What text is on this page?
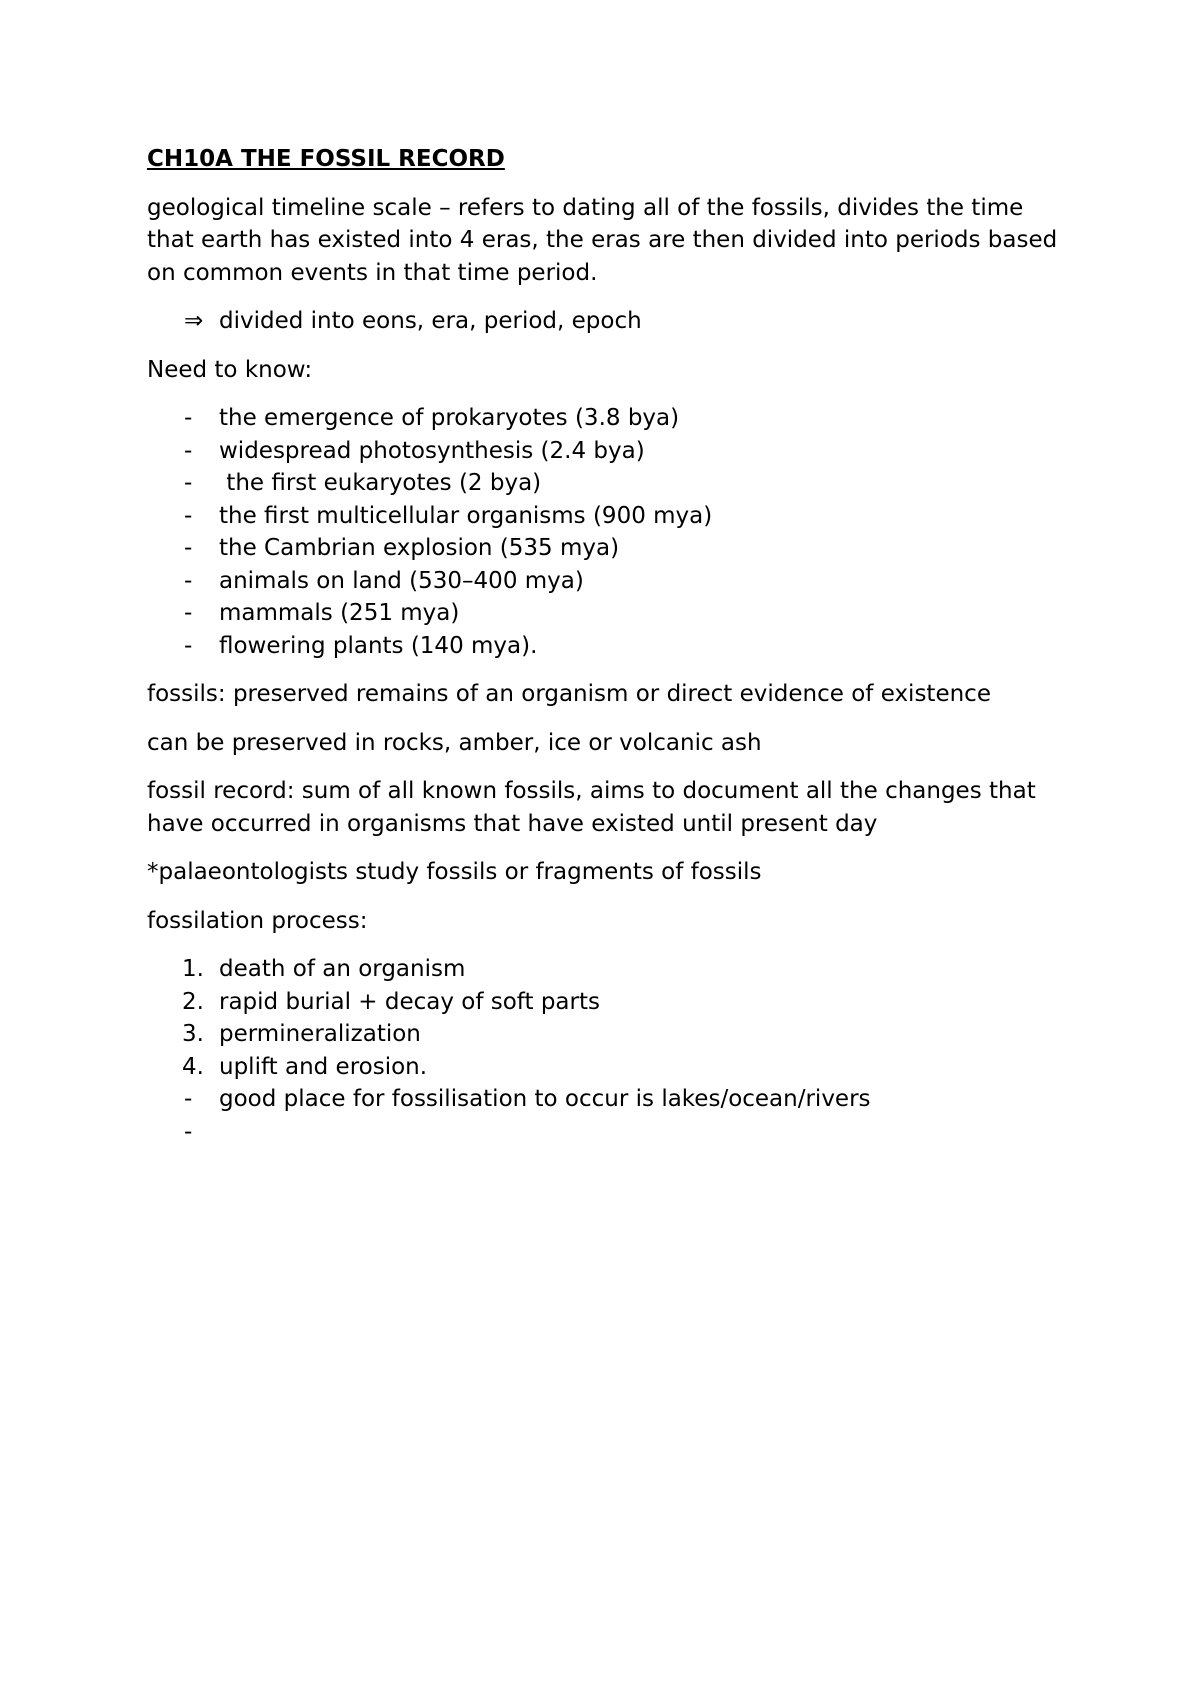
CH10A THE FOSSIL RECORD

geological timeline scale – refers to dating all of the fossils, divides the time that earth has existed into 4 eras, the eras are then divided into periods based on common events in that time period.

⇒ divided into eons, era, period, epoch

Need to know:

- the emergence of prokaryotes (3.8 bya)
- widespread photosynthesis (2.4 bya)
- the first eukaryotes (2 bya)
- the first multicellular organisms (900 mya)
- the Cambrian explosion (535 mya)
- animals on land (530–400 mya)
- mammals (251 mya)
- flowering plants (140 mya).

fossils: preserved remains of an organism or direct evidence of existence

can be preserved in rocks, amber, ice or volcanic ash

fossil record: sum of all known fossils, aims to document all the changes that have occurred in organisms that have existed until present day

*palaeontologists study fossils or fragments of fossils

fossilation process:

1. death of an organism
2. rapid burial + decay of soft parts
3. permineralization
4. uplift and erosion.
- good place for fossilisation to occur is lakes/ocean/rivers
-
